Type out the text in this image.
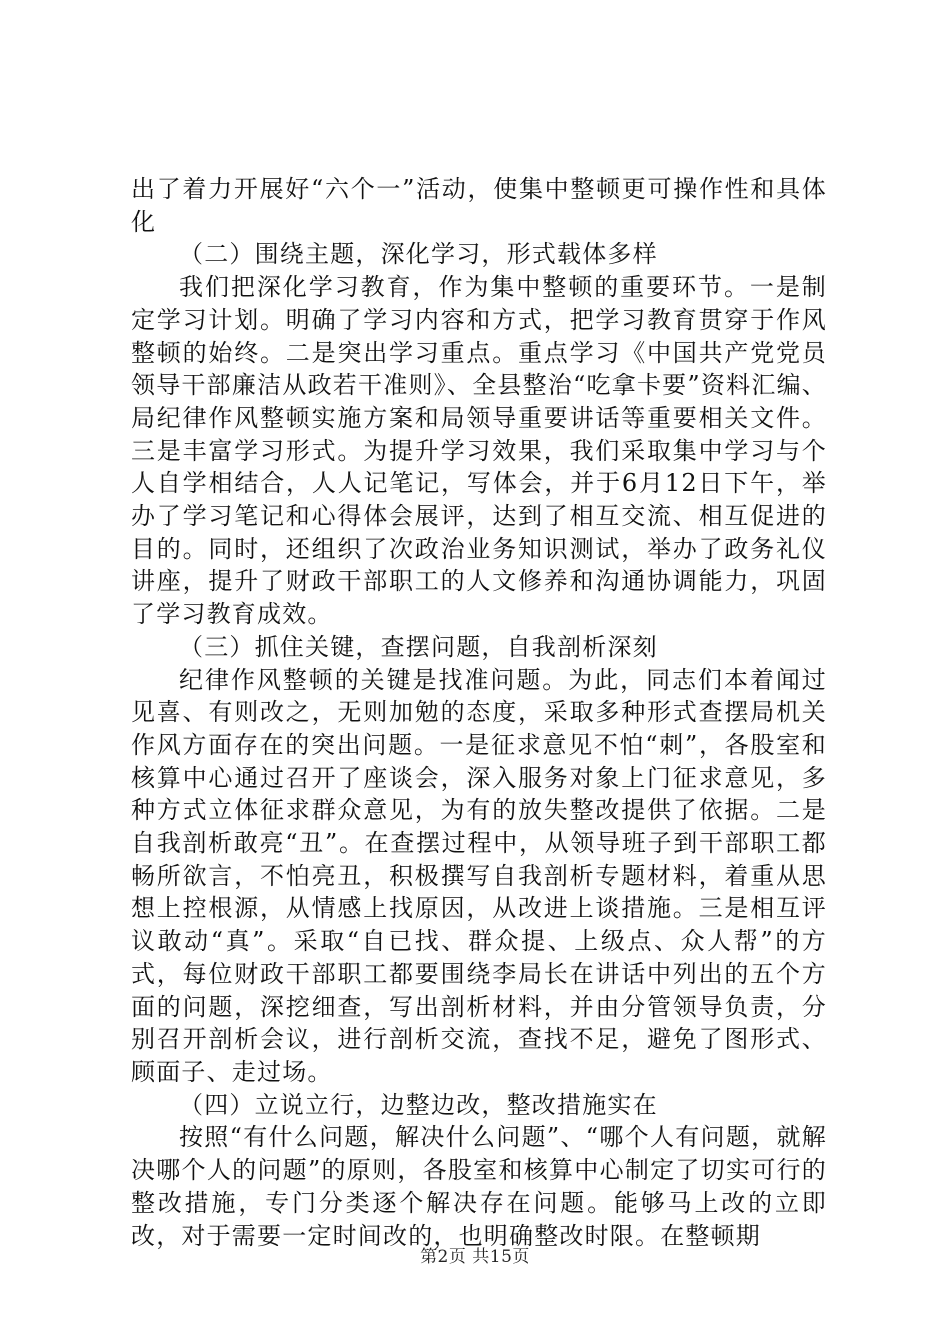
出了着力开展好“六个一”活动，使集中整顿更可操作性和具体化

（二）围绕主题，深化学习，形式载体多样

我们把深化学习教育，作为集中整顿的重要环节。一是制定学习计划。明确了学习内容和方式，把学习教育贯穿于作风整顿的始终。二是突出学习重点。重点学习《中国共产党党员领导干部廉洁从政若干准则》、全县整治“吃拿卡要”资料汇编、局纪律作风整顿实施方案和局领导重要讲话等重要相关文件。三是丰富学习形式。为提升学习效果，我们采取集中学习与个人自学相结合，人人记笔记，写体会，并于6月12日下午，举办了学习笔记和心得体会展评，达到了相互交流、相互促进的目的。同时，还组织了次政治业务知识测试，举办了政务礼仪讲座，提升了财政干部职工的人文修养和沟通协调能力，巩固了学习教育成效。

（三）抓住关键，查摆问题，自我剖析深刻

纪律作风整顿的关键是找准问题。为此，同志们本着闻过见喜、有则改之，无则加勉的态度，采取多种形式查摆局机关作风方面存在的突出问题。一是征求意见不怕“刺”，各股室和核算中心通过召开了座谈会，深入服务对象上门征求意见，多种方式立体征求群众意见，为有的放失整改提供了依据。二是自我剖析敢亮“丑”。在查摆过程中，从领导班子到干部职工都畅所欲言，不怕亮丑，积极撰写自我剖析专题材料，着重从思想上控根源，从情感上找原因，从改进上谈措施。三是相互评议敢动“真”。采取“自已找、群众提、上级点、众人帮”的方式，每位财政干部职工都要围绕李局长在讲话中列出的五个方面的问题，深挖细查，写出剖析材料，并由分管领导负责，分别召开剖析会议，进行剖析交流，查找不足，避免了图形式、顾面子、走过场。

（四）立说立行，边整边改，整改措施实在

按照“有什么问题，解决什么问题”、“哪个人有问题，就解决哪个人的问题”的原则，各股室和核算中心制定了切实可行的整改措施，专门分类逐个解决存在问题。能够马上改的立即改，对于需要一定时间改的，也明确整改时限。在整顿期

第2页 共15页
